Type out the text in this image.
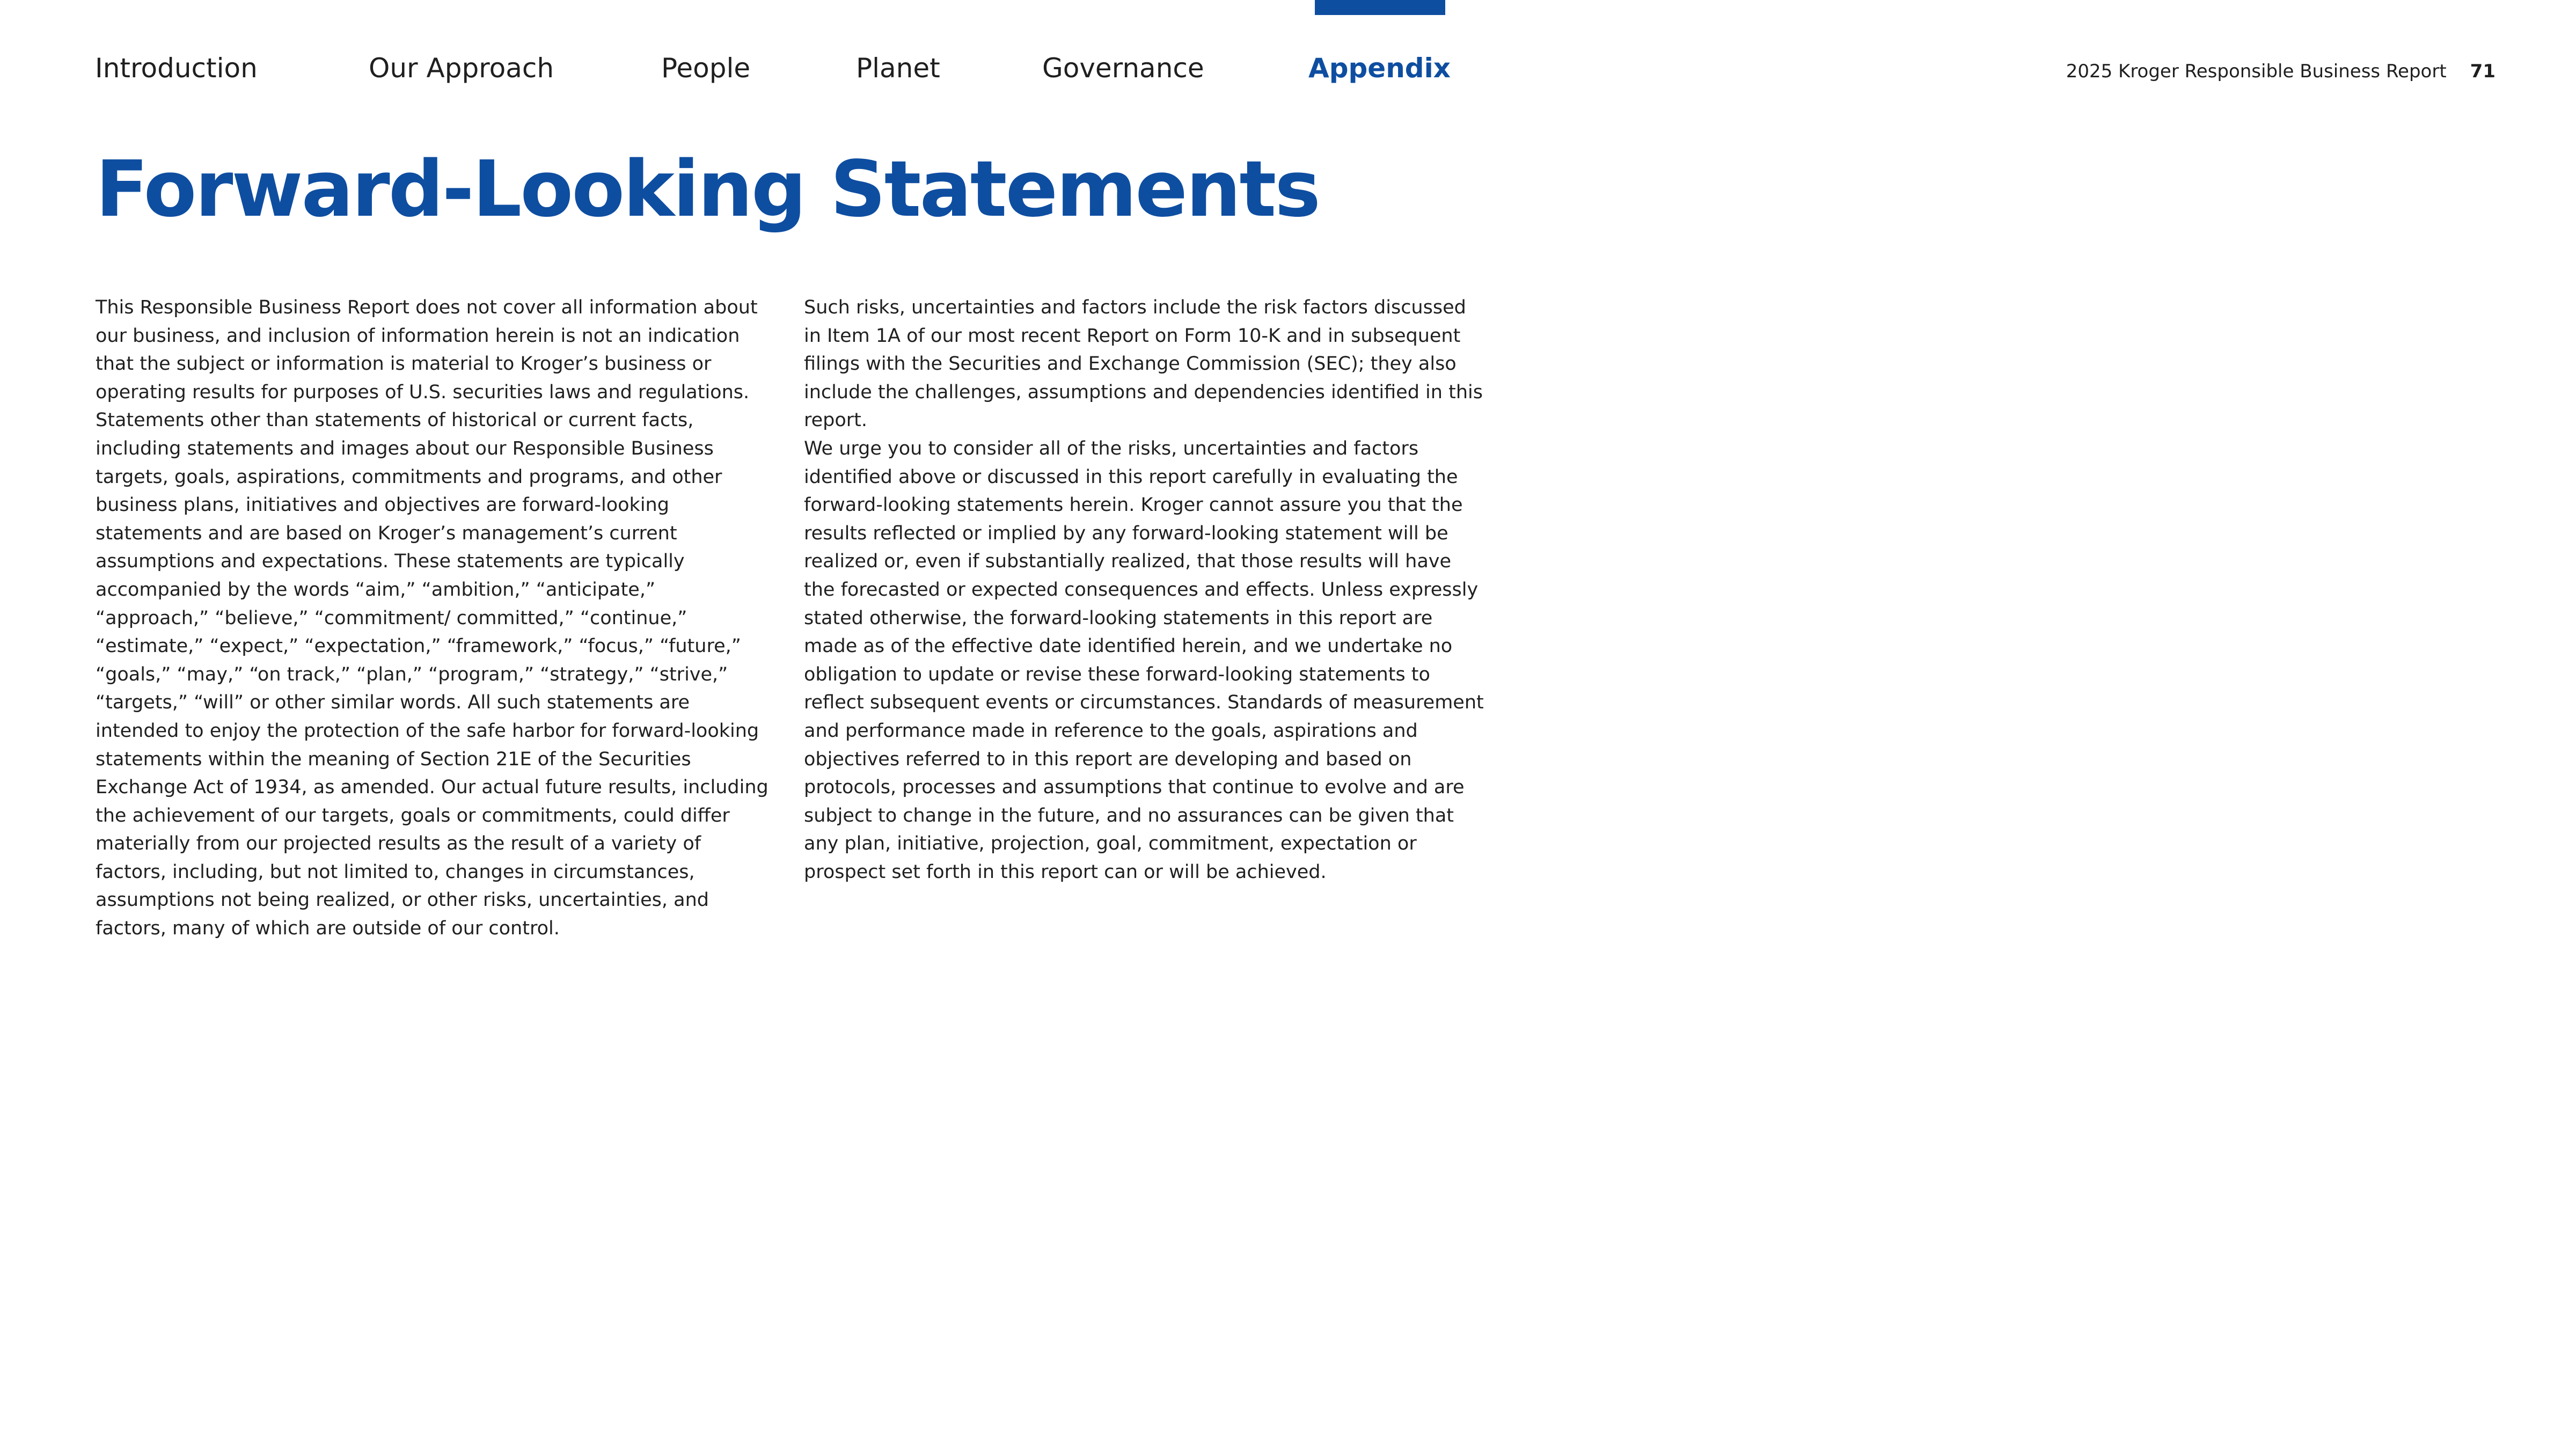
Introduction	Our Approach	People	Planet	Governance	Appendix	2025 Kroger Responsible Business Report 71
Forward-Looking Statements

This Responsible Business Report does not cover all information about our business, and inclusion of information herein is not an indication that the subject or information is material to Kroger’s business or operating results for purposes of U.S. securities laws and regulations. Statements other than statements of historical or current facts, including statements and images about our Responsible Business targets, goals, aspirations, commitments and programs, and other business plans, initiatives and objectives are forward-looking statements and are based on Kroger’s management’s current assumptions and expectations. These statements are typically accompanied by the words “aim,” “ambition,” “anticipate,” “approach,” “believe,” “commitment/ committed,” “continue,” “estimate,” “expect,” “expectation,” “framework,” “focus,” “future,” “goals,” “may,” “on track,” “plan,” “program,” “strategy,” “strive,” “targets,” “will” or other similar words. All such statements are intended to enjoy the protection of the safe harbor for forward-looking statements within the meaning of Section 21E of the Securities Exchange Act of 1934, as amended. Our actual future results, including the achievement of our targets, goals or commitments, could differ materially from our projected results as the result of a variety of factors, including, but not limited to, changes in circumstances, assumptions not being realized, or other risks, uncertainties, and factors, many of which are outside of our control.

Such risks, uncertainties and factors include the risk factors discussed in Item 1A of our most recent Report on Form 10-K and in subsequent filings with the Securities and Exchange Commission (SEC); they also include the challenges, assumptions and dependencies identified in this report.

We urge you to consider all of the risks, uncertainties and factors identified above or discussed in this report carefully in evaluating the forward-looking statements herein. Kroger cannot assure you that the results reflected or implied by any forward-looking statement will be realized or, even if substantially realized, that those results will have the forecasted or expected consequences and effects. Unless expressly stated otherwise, the forward-looking statements in this report are made as of the effective date identified herein, and we undertake no obligation to update or revise these forward-looking statements to reflect subsequent events or circumstances. Standards of measurement and performance made in reference to the goals, aspirations and objectives referred to in this report are developing and based on protocols, processes and assumptions that continue to evolve and are subject to change in the future, and no assurances can be given that any plan, initiative, projection, goal, commitment, expectation or prospect set forth in this report can or will be achieved.
